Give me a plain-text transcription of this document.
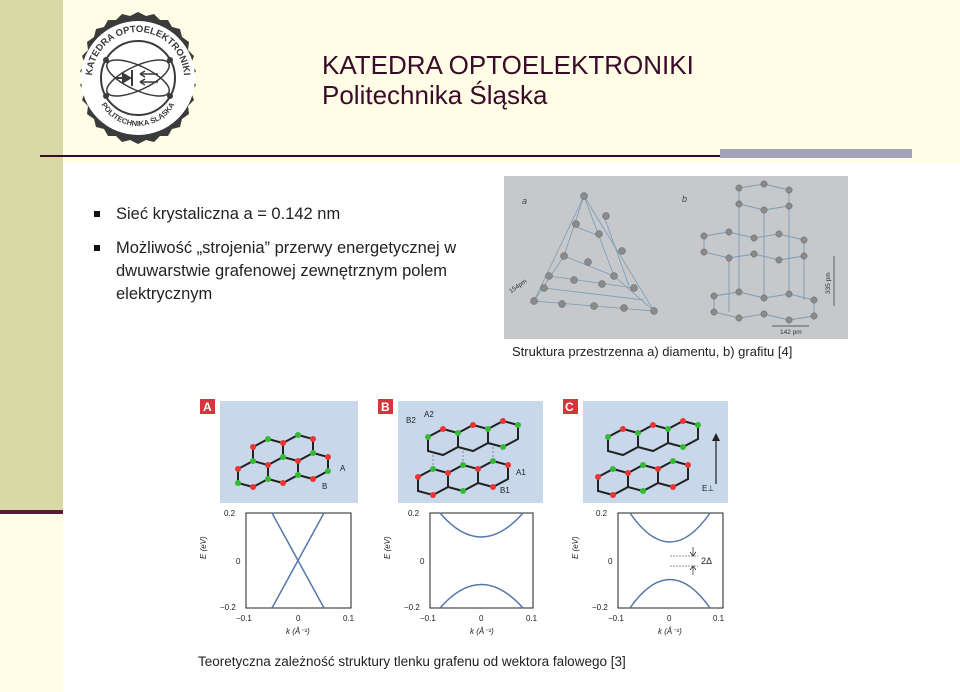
KATEDRA OPTOELEKTRONIKI
POLITECHNIKA ŚLĄSKA
KATEDRA OPTOELEKTRONIKI
Politechnika Śląska
Sieć krystaliczna a = 0.142 nm
Możliwość „strojenia” przerwy energetycznej w dwuwarstwie grafenowej zewnętrznym polem elektrycznym
a	b
154pm	335 pm
142 pm
Struktura przestrzenna a) diamentu, b) grafitu [4]
A
A
B
B
B2
A2
A1
B1
C
E⊥
E (eV)
0.2
0
−0.2
−0.1	0	0.1
k (Å⁻¹)
E (eV)
0.2
0
−0.2
−0.1	0	0.1
k (Å⁻¹)
2Δ
E (eV)
0.2
0
−0.2
−0.1	0	0.1
k (Å⁻¹)
Teoretyczna zależność struktury tlenku grafenu od wektora falowego [3]
